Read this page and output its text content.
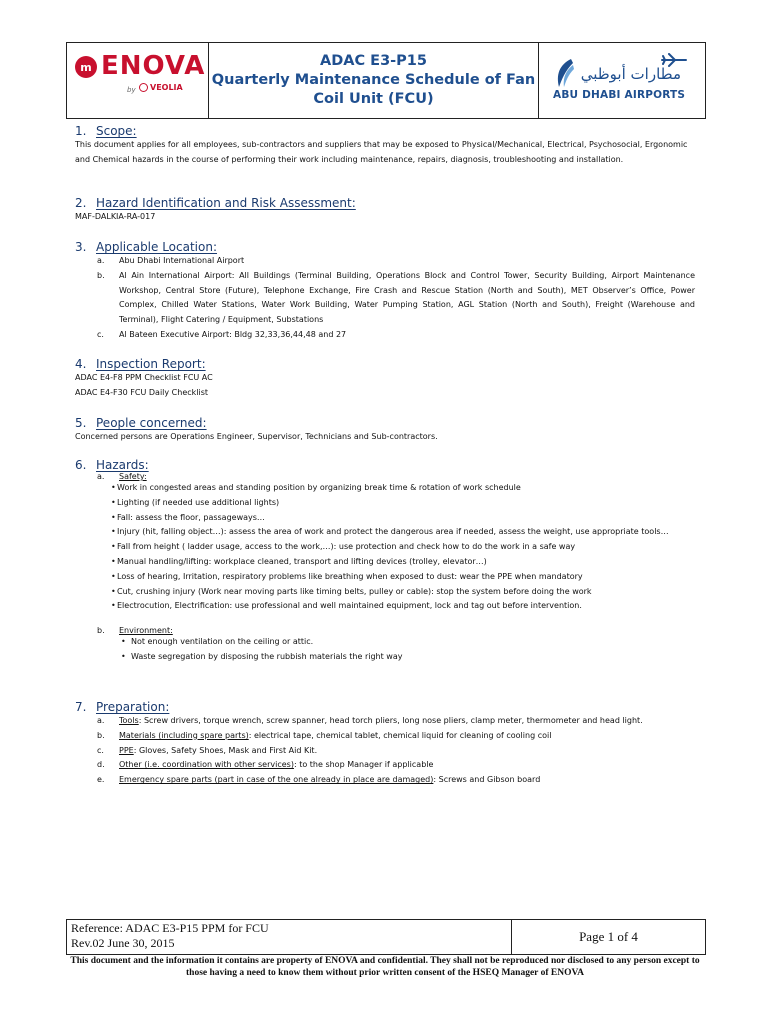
m ENOVA
by VEOLIA
ADAC E3-P15
Quarterly Maintenance Schedule of Fan
Coil Unit (FCU)
مطارات أبوظبي
ABU DHABI AIRPORTS
1. Scope:

This document applies for all employees, sub-contractors and suppliers that may be exposed to Physical/Mechanical, Electrical, Psychosocial, Ergonomic and Chemical hazards in the course of performing their work including maintenance, repairs, diagnosis, troubleshooting and installation.

2. Hazard Identification and Risk Assessment:

MAF-DALKIA-RA-017

3. Applicable Location:
a.	Abu Dhabi International Airport
b.	Al Ain International Airport: All Buildings (Terminal Building, Operations Block and Control Tower, Security Building, Airport Maintenance Workshop, Central Store (Future), Telephone Exchange, Fire Crash and Rescue Station (North and South), MET Observer’s Office, Power Complex, Chilled Water Stations, Water Work Building, Water Pumping Station, AGL Station (North and South), Freight (Warehouse and Terminal), Flight Catering / Equipment, Substations
c.	Al Bateen Executive Airport: Bldg 32,33,36,44,48 and 27
4. Inspection Report:

ADAC E4-F8 PPM Checklist FCU AC

ADAC E4-F30 FCU Daily Checklist

5. People concerned:

Concerned persons are Operations Engineer, Supervisor, Technicians and Sub-contractors.

6. Hazards:
a.	Safety:
• Work in congested areas and standing position by organizing break time & rotation of work schedule
• Lighting (if needed use additional lights)
• Fall: assess the floor, passageways…
• Injury (hit, falling object…): assess the area of work and protect the dangerous area if needed, assess the weight, use appropriate tools…
• Fall from height ( ladder usage, access to the work,…): use protection and check how to do the work in a safe way
• Manual handling/lifting: workplace cleaned, transport and lifting devices (trolley, elevator…)
• Loss of hearing, Irritation, respiratory problems like breathing when exposed to dust: wear the PPE when mandatory
• Cut, crushing injury (Work near moving parts like timing belts, pulley or cable): stop the system before doing the work
• Electrocution, Electrification: use professional and well maintained equipment, lock and tag out before intervention.
b.	Environment:
• Not enough ventilation on the ceiling or attic.
• Waste segregation by disposing the rubbish materials the right way
7. Preparation:
a.	Tools: Screw drivers, torque wrench, screw spanner, head torch pliers, long nose pliers, clamp meter, thermometer and head light.
b.	Materials (including spare parts): electrical tape, chemical tablet, chemical liquid for cleaning of cooling coil
c.	PPE: Gloves, Safety Shoes, Mask and First Aid Kit.
d.	Other (i.e. coordination with other services): to the shop Manager if applicable
e.	Emergency spare parts (part in case of the one already in place are damaged): Screws and Gibson board
Reference: ADAC E3-P15 PPM for FCU
Rev.02 June 30, 2015	Page 1 of 4
This document and the information it contains are property of ENOVA and confidential. They shall not be reproduced nor disclosed to any person except to those having a need to know them without prior written consent of the HSEQ Manager of ENOVA
